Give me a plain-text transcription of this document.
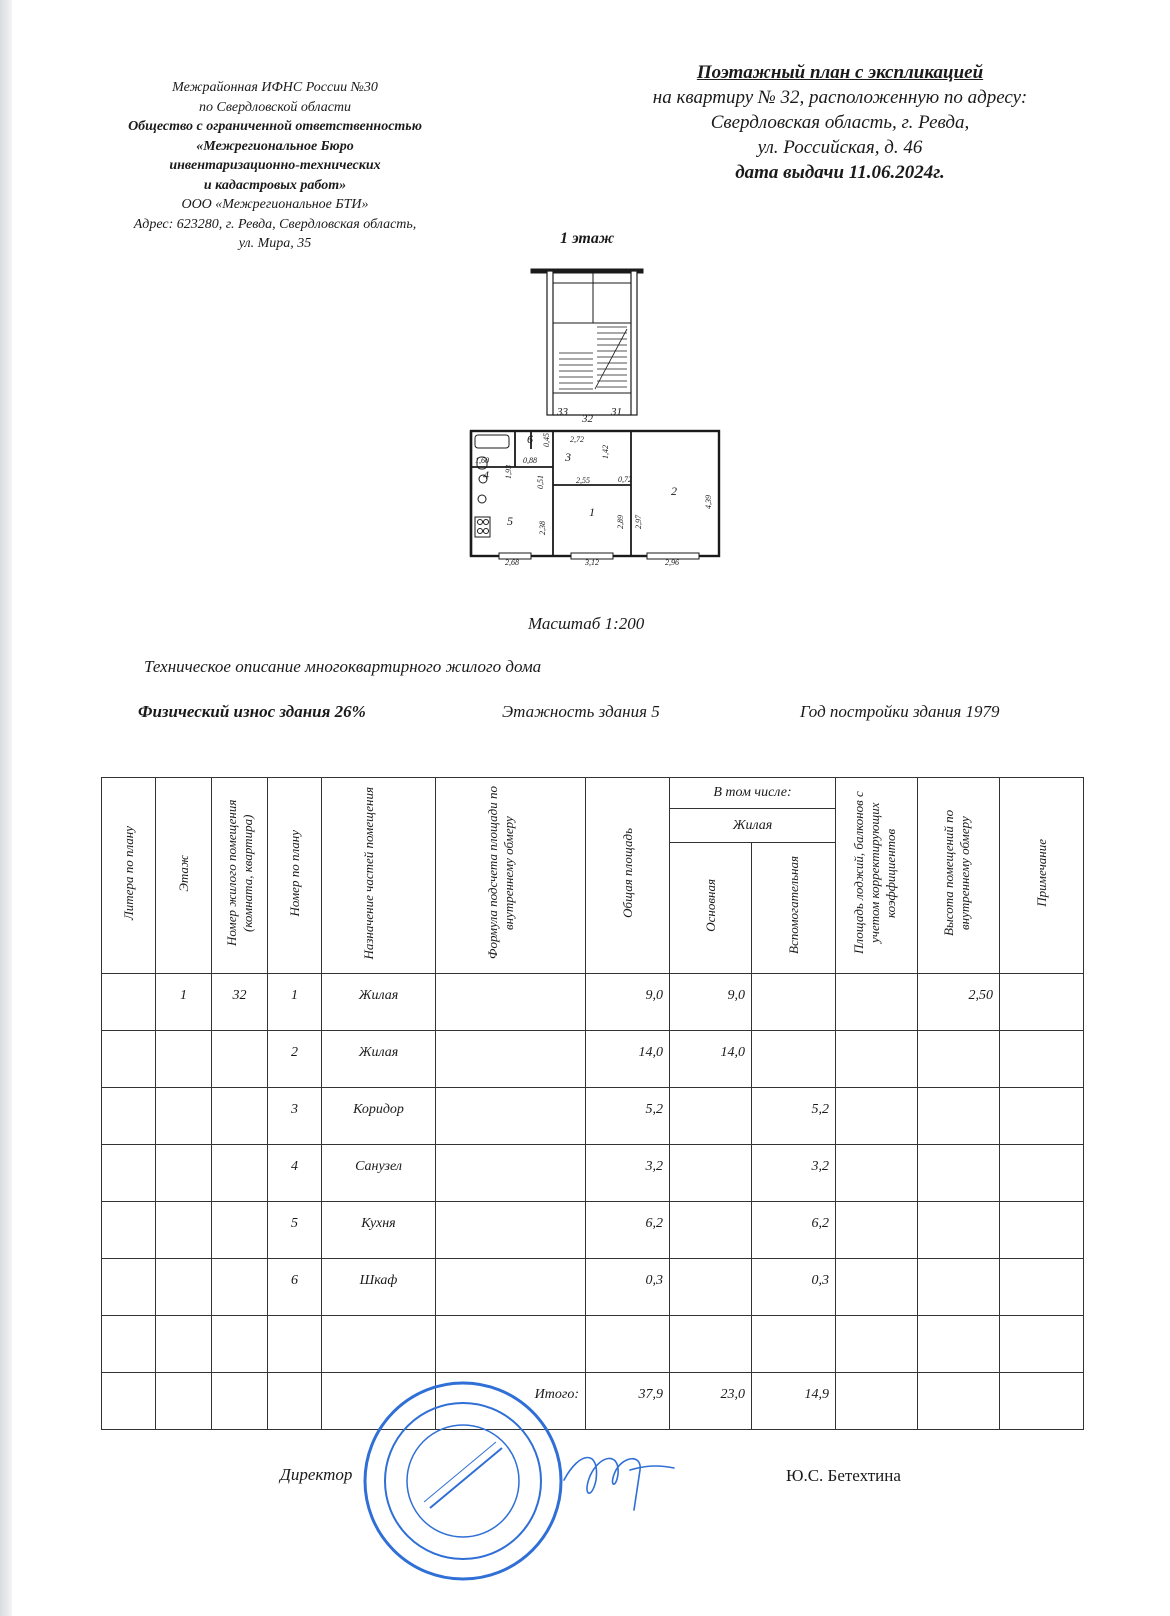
Межрайонная ИФНС России №30
по Свердловской области
Общество с ограниченной ответственностью
«Межрегиональное Бюро
инвентаризационно-технических
и кадастровых работ»
ООО «Межрегиональное БТИ»
Адрес: 623280, г. Ревда, Свердловская область,
ул. Мира, 35
Поэтажный план с экспликацией
на квартиру № 32, расположенную по адресу:
Свердловская область, г. Ревда,
ул. Российская, д. 46
дата выдачи 11.06.2024г.
1 этаж
33
32
31
1
2
3
4
5
6	2,72
1,42
2,55	0,72
1,60	0,88
0,45
1,93
0,51
2,38	2,89 2,97
4,39
2,68	3,12	2,96
Масштаб 1:200
Техническое описание многоквартирного жилого дома
Физический износ здания 26%	Этажность здания 5	Год постройки здания 1979
Литера по плану	Этаж	Номер жилого помещения (комната, квартира)	Номер по плану	Назначение частей помещения	Формула подсчета площади по внутреннему обмеру	Общая площадь	В том числе:		Площадь лоджий, балконов с учетом корректирующих коэффициентов	Высота помещений по внутреннему обмеру	Примечание
							Жилая				
							Основная	Вспомогательная			
	1	32	1	Жилая		9,0	9,0			2,50	
			2	Жилая		14,0	14,0				
			3	Коридор		5,2		5,2			
			4	Санузел		3,2		3,2			
			5	Кухня		6,2		6,2			
			6	Шкаф		0,3		0,3			

					Итого:	37,9	23,0	14,9			
Директор	Ю.С. Бетехтина
